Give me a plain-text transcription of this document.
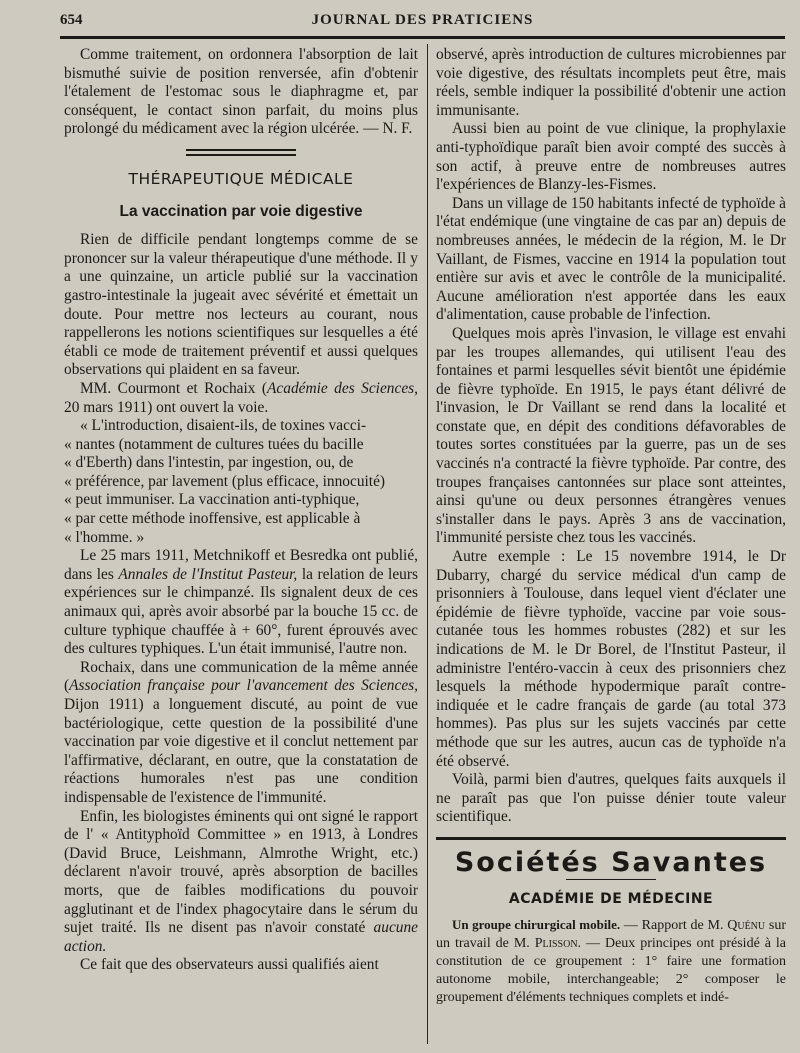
654	JOURNAL DES PRATICIENS

Comme traitement, on ordonnera l'absorption de lait bismuthé suivie de position renversée, afin d'obtenir l'étalement de l'estomac sous le diaphragme et, par conséquent, le contact sinon parfait, du moins plus prolongé du médicament avec la région ulcérée. — N. F.

THÉRAPEUTIQUE MÉDICALE
La vaccination par voie digestive

Rien de difficile pendant longtemps comme de se prononcer sur la valeur thérapeutique d'une méthode. Il y a une quinzaine, un article publié sur la vaccination gastro-intestinale la jugeait avec sévérité et émettait un doute. Pour mettre nos lecteurs au courant, nous rappellerons les notions scientifiques sur lesquelles a été établi ce mode de traitement préventif et aussi quelques observations qui plaident en sa faveur.

MM. Courmont et Rochaix (Académie des Sciences, 20 mars 1911) ont ouvert la voie.

« L'introduction, disaient-ils, de toxines vacci-

« nantes (notamment de cultures tuées du bacille

« d'Eberth) dans l'intestin, par ingestion, ou, de

« préférence, par lavement (plus efficace, innocuité)

« peut immuniser. La vaccination anti-typhique,

« par cette méthode inoffensive, est applicable à

« l'homme. »

Le 25 mars 1911, Metchnikoff et Besredka ont publié, dans les Annales de l'Institut Pasteur, la relation de leurs expériences sur le chimpanzé. Ils signalent deux de ces animaux qui, après avoir absorbé par la bouche 15 cc. de culture typhique chauffée à + 60°, furent éprouvés avec des cultures typhiques. L'un était immunisé, l'autre non.

Rochaix, dans une communication de la même année (Association française pour l'avancement des Sciences, Dijon 1911) a longuement discuté, au point de vue bactériologique, cette question de la possibilité d'une vaccination par voie digestive et il conclut nettement par l'affirmative, déclarant, en outre, que la constatation de réactions humorales n'est pas une condition indispensable de l'existence de l'immunité.

Enfin, les biologistes éminents qui ont signé le rapport de l' « Antityphoïd Committee » en 1913, à Londres (David Bruce, Leishmann, Almrothe Wright, etc.) déclarent n'avoir trouvé, après absorption de bacilles morts, que de faibles modifications du pouvoir agglutinant et de l'index phagocytaire dans le sérum du sujet traité. Ils ne disent pas n'avoir constaté aucune action.

Ce fait que des observateurs aussi qualifiés aient

observé, après introduction de cultures microbiennes par voie digestive, des résultats incomplets peut être, mais réels, semble indiquer la possibilité d'obtenir une action immunisante.

Aussi bien au point de vue clinique, la prophylaxie anti-typhoïdique paraît bien avoir compté des succès à son actif, à preuve entre de nombreuses autres l'expériences de Blanzy-les-Fismes.

Dans un village de 150 habitants infecté de typhoïde à l'état endémique (une vingtaine de cas par an) depuis de nombreuses années, le médecin de la région, M. le Dr Vaillant, de Fismes, vaccine en 1914 la population tout entière sur avis et avec le contrôle de la municipalité. Aucune amélioration n'est apportée dans les eaux d'alimentation, cause probable de l'infection.

Quelques mois après l'invasion, le village est envahi par les troupes allemandes, qui utilisent l'eau des fontaines et parmi lesquelles sévit bientôt une épidémie de fièvre typhoïde. En 1915, le pays étant délivré de l'invasion, le Dr Vaillant se rend dans la localité et constate que, en dépit des conditions défavorables de toutes sortes constituées par la guerre, pas un de ses vaccinés n'a contracté la fièvre typhoïde. Par contre, des troupes françaises cantonnées sur place sont atteintes, ainsi qu'une ou deux personnes étrangères venues s'installer dans le pays. Après 3 ans de vaccination, l'immunité persiste chez tous les vaccinés.

Autre exemple : Le 15 novembre 1914, le Dr Dubarry, chargé du service médical d'un camp de prisonniers à Toulouse, dans lequel vient d'éclater une épidémie de fièvre typhoïde, vaccine par voie sous-cutanée tous les hommes robustes (282) et sur les indications de M. le Dr Borel, de l'Institut Pasteur, il administre l'entéro-vaccin à ceux des prisonniers chez lesquels la méthode hypodermique paraît contre-indiquée et le cadre français de garde (au total 373 hommes). Pas plus sur les sujets vaccinés par cette méthode que sur les autres, aucun cas de typhoïde n'a été observé.

Voilà, parmi bien d'autres, quelques faits auxquels il ne paraît pas que l'on puisse dénier toute valeur scientifique.

Sociétés Savantes
ACADÉMIE DE MÉDECINE

Un groupe chirurgical mobile. — Rapport de M. Quénu sur un travail de M. Plisson. — Deux principes ont présidé à la constitution de ce groupement : 1° faire une formation autonome mobile, interchangeable; 2° composer le groupement d'éléments techniques complets et indé-
